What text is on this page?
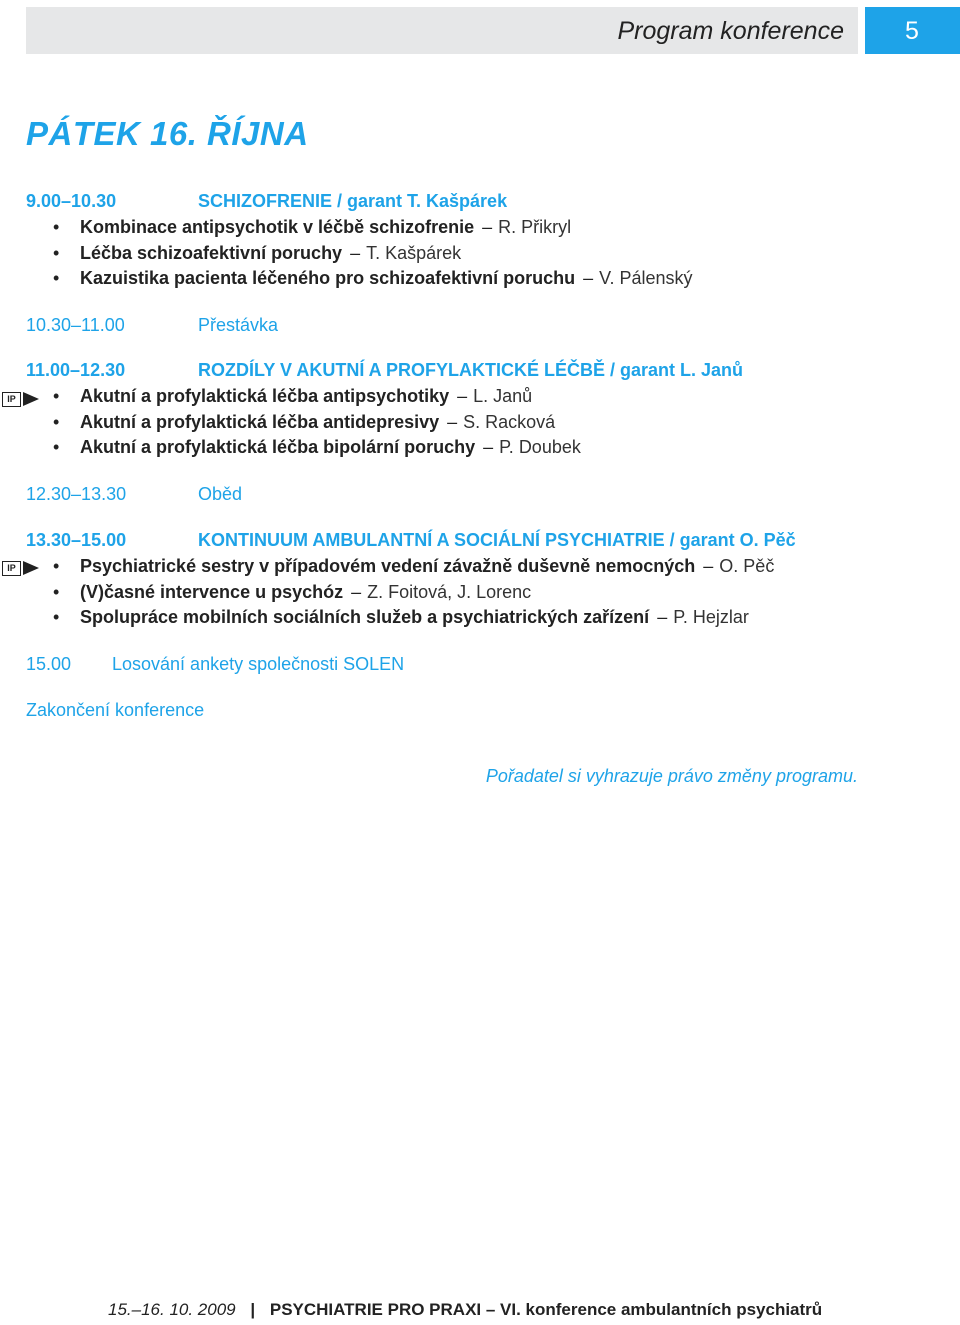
Program konference 5
PÁTEK 16. ŘÍJNA
9.00–10.30	SCHIZOFRENIE / garant T. Kašpárek
• Kombinace antipsychotik v léčbě schizofrenie – R. Přikryl
• Léčba schizoafektivní poruchy – T. Kašpárek
• Kazuistika pacienta léčeného pro schizoafektivní poruchu – V. Pálenský
10.30–11.00	Přestávka
11.00–12.30	ROZDÍLY V AKUTNÍ A PROFYLAKTICKÉ LÉČBĚ / garant L. Janů
• Akutní a profylaktická léčba antipsychotiky – L. Janů
• Akutní a profylaktická léčba antidepresivy – S. Racková
• Akutní a profylaktická léčba bipolární poruchy – P. Doubek
IP
12.30–13.30	Oběd
13.30–15.00	KONTINUUM AMBULANTNÍ A SOCIÁLNÍ PSYCHIATRIE / garant O. Pěč
• Psychiatrické sestry v případovém vedení závažně duševně nemocných – O. Pěč
• (V)časné intervence u psychóz – Z. Foitová, J. Lorenc
• Spolupráce mobilních sociálních služeb a psychiatrických zařízení – P. Hejzlar
IP
15.00 Losování ankety společnosti SOLEN
Zakončení konference
Pořadatel si vyhrazuje právo změny programu.
15.–16. 10. 2009 | PSYCHIATRIE PRO PRAXI – VI. konference ambulantních psychiatrů
